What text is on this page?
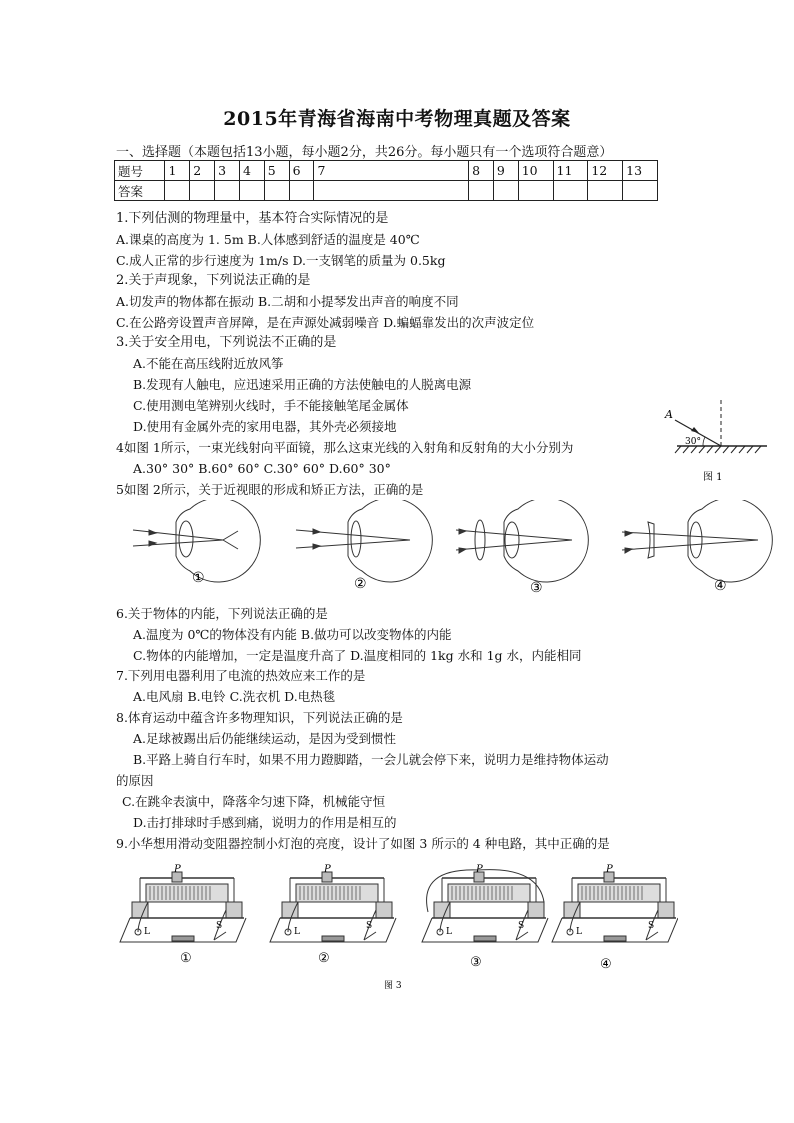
2015年青海省海南中考物理真题及答案
一、选择题（本题包括13小题，每小题2分，共26分。每小题只有一个选项符合题意）
题号	1	2	3	4	5	6	7	8	9	10	11	12	13
答案													
1.下列估测的物理量中，基本符合实际情况的是
A.课桌的高度为 1. 5m B.人体感到舒适的温度是 40℃
C.成人正常的步行速度为 1m/s D.一支钢笔的质量为 0.5kg
2.关于声现象，下列说法正确的是
A.切发声的物体都在振动 B.二胡和小提琴发出声音的响度不同
C.在公路旁设置声音屏障，是在声源处减弱噪音 D.蝙蝠靠发出的次声波定位
3.关于安全用电，下列说法不正确的是
A.不能在高压线附近放风筝
B.发现有人触电，应迅速采用正确的方法使触电的人脱离电源
C.使用测电笔辨别火线时，手不能接触笔尾金属体
D.使用有金属外壳的家用电器，其外壳必须接地
4如图 1所示，一束光线射向平面镜，那么这束光线的入射角和反射角的大小分别为
A.30° 30° B.60° 60° C.30° 60° D.60° 30°
A
30°
图 1
5如图 2所示，关于近视眼的形成和矫正方法，正确的是
①	②	③	④
6.关于物体的内能，下列说法正确的是
A.温度为 0℃的物体没有内能 B.做功可以改变物体的内能
C.物体的内能增加，一定是温度升高了 D.温度相同的 1kg 水和 1g 水，内能相同
7.下列用电器利用了电流的热效应来工作的是
A.电风扇 B.电铃 C.洗衣机 D.电热毯
8.体育运动中蕴含许多物理知识，下列说法正确的是
A.足球被踢出后仍能继续运动，是因为受到惯性
B.平路上骑自行车时，如果不用力蹬脚踏，一会儿就会停下来，说明力是维持物体运动
的原因
C.在跳伞表演中，降落伞匀速下降，机械能守恒
D.击打排球时手感到痛，说明力的作用是相互的
9.小华想用滑动变阻器控制小灯泡的亮度，设计了如图 3 所示的 4 种电路，其中正确的是
P
L
S
①
P
L
S
②
P
L
S
③
P
L
S
④
图 3
